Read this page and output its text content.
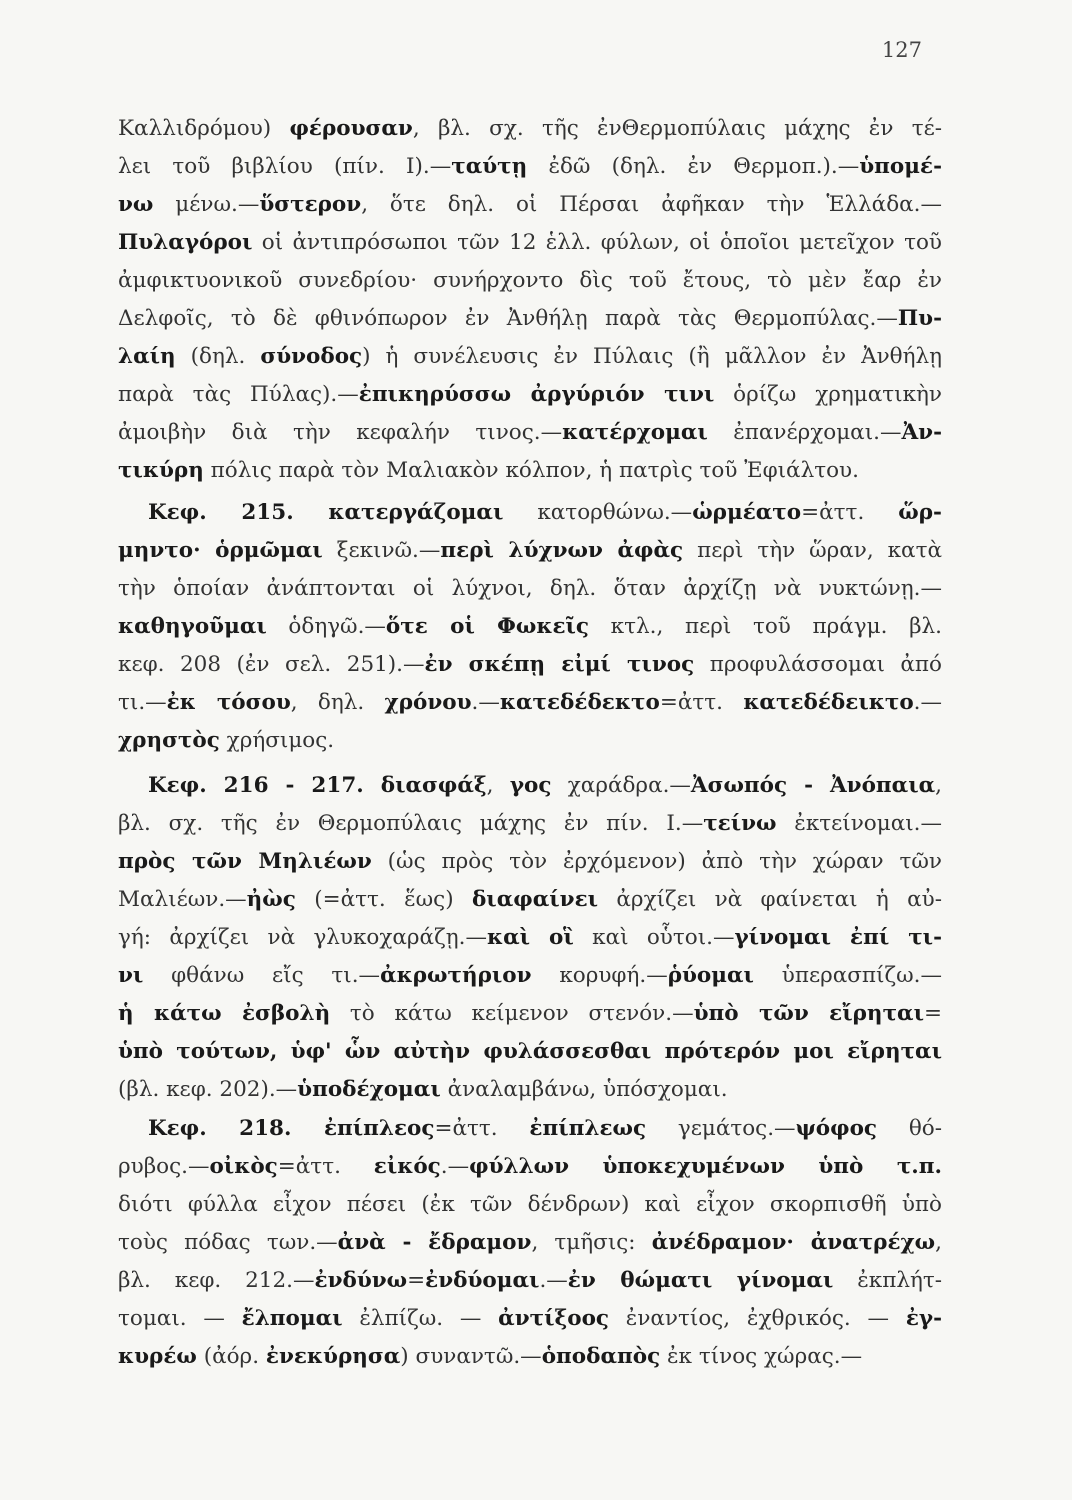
127
Καλλιδρόμου) φέρουσαν, βλ. σχ. τῆς ἐνΘερμοπύλαις μάχης ἐν τέ-
λει τοῦ βιβλίου (πίν. Ι).—ταύτῃ ἐδῶ (δηλ. ἐν Θερμοπ.).—ὑπομέ-
νω μένω.—ὕστερον, ὅτε δηλ. οἱ Πέρσαι ἀφῆκαν τὴν Ἑλλάδα.—
Πυλαγόροι οἱ ἀντιπρόσωποι τῶν 12 ἑλλ. φύλων, οἱ ὁποῖοι μετεῖχον τοῦ
ἀμφικτυονικοῦ συνεδρίου· συνήρχοντο δὶς τοῦ ἔτους, τὸ μὲν ἔαρ ἐν
Δελφοῖς, τὸ δὲ φθινόπωρον ἐν Ἀνθήλῃ παρὰ τὰς Θερμοπύλας.—Πυ-
λαίη (δηλ. σύνοδος) ἡ συνέλευσις ἐν Πύλαις (ἢ μᾶλλον ἐν Ἀνθήλῃ
παρὰ τὰς Πύλας).—ἐπικηρύσσω ἀργύριόν τινι ὁρίζω χρηματικὴν
ἀμοιβὴν διὰ τὴν κεφαλήν τινος.—κατέρχομαι ἐπανέρχομαι.—Ἀν-
τικύρη πόλις παρὰ τὸν Μαλιακὸν κόλπον, ἡ πατρὶς τοῦ Ἐφιάλτου.
Κεφ. 215. κατεργάζομαι κατορθώνω.—ὡρμέατο=ἀττ. ὥρ-
μηντο· ὁρμῶμαι ξεκινῶ.—περὶ λύχνων ἀφὰς περὶ τὴν ὥραν, κατὰ
τὴν ὁποίαν ἀνάπτονται οἱ λύχνοι, δηλ. ὅταν ἀρχίζῃ νὰ νυκτώνῃ.—
καθηγοῦμαι ὁδηγῶ.—ὅτε οἱ Φωκεῖς κτλ., περὶ τοῦ πράγμ. βλ.
κεφ. 208 (ἐν σελ. 251).—ἐν σκέπῃ εἰμί τινος προφυλάσσομαι ἀπό
τι.—ἐκ τόσου, δηλ. χρόνου.—κατεδέδεκτο=ἀττ. κατεδέδεικτο.—
χρηστὸς χρήσιμος.
Κεφ. 216 - 217. διασφάξ, γος χαράδρα.—Ἀσωπός - Ἀνόπαια,
βλ. σχ. τῆς ἐν Θερμοπύλαις μάχης ἐν πίν. Ι.—τείνω ἐκτείνομαι.—
πρὸς τῶν Μηλιέων (ὡς πρὸς τὸν ἐρχόμενον) ἀπὸ τὴν χώραν τῶν
Μαλιέων.—ἠὼς (=ἀττ. ἕως) διαφαίνει ἀρχίζει νὰ φαίνεται ἡ αὐ-
γή: ἀρχίζει νὰ γλυκοχαράζῃ.—καὶ οἳ καὶ οὗτοι.—γίνομαι ἐπί τι-
νι φθάνω εἴς τι.—ἀκρωτήριον κορυφή.—ῥύομαι ὑπερασπίζω.—
ἡ κάτω ἐσβολὴ τὸ κάτω κείμενον στενόν.—ὑπὸ τῶν εἴρηται=
ὑπὸ τούτων, ὑφ' ὧν αὐτὴν φυλάσσεσθαι πρότερόν μοι εἴρηται
(βλ. κεφ. 202).—ὑποδέχομαι ἀναλαμβάνω, ὑπόσχομαι.
Κεφ. 218. ἐπίπλεος=ἀττ. ἐπίπλεως γεμάτος.—ψόφος θό-
ρυβος.—οἰκὸς=ἀττ. εἰκός.—φύλλων ὑποκεχυμένων ὑπὸ τ.π.
διότι φύλλα εἶχον πέσει (ἐκ τῶν δένδρων) καὶ εἶχον σκορπισθῆ ὑπὸ
τοὺς πόδας των.—ἀνὰ - ἔδραμον, τμῆσις: ἀνέδραμον· ἀνατρέχω,
βλ. κεφ. 212.—ἐνδύνω=ἐνδύομαι.—ἐν θώματι γίνομαι ἐκπλήτ-
τομαι. — ἔλπομαι ἐλπίζω. — ἀντίξοος ἐναντίος, ἐχθρικός. — ἐγ-
κυρέω (ἀόρ. ἐνεκύρησα) συναντῶ.—ὁποδαπὸς ἐκ τίνος χώρας.—
